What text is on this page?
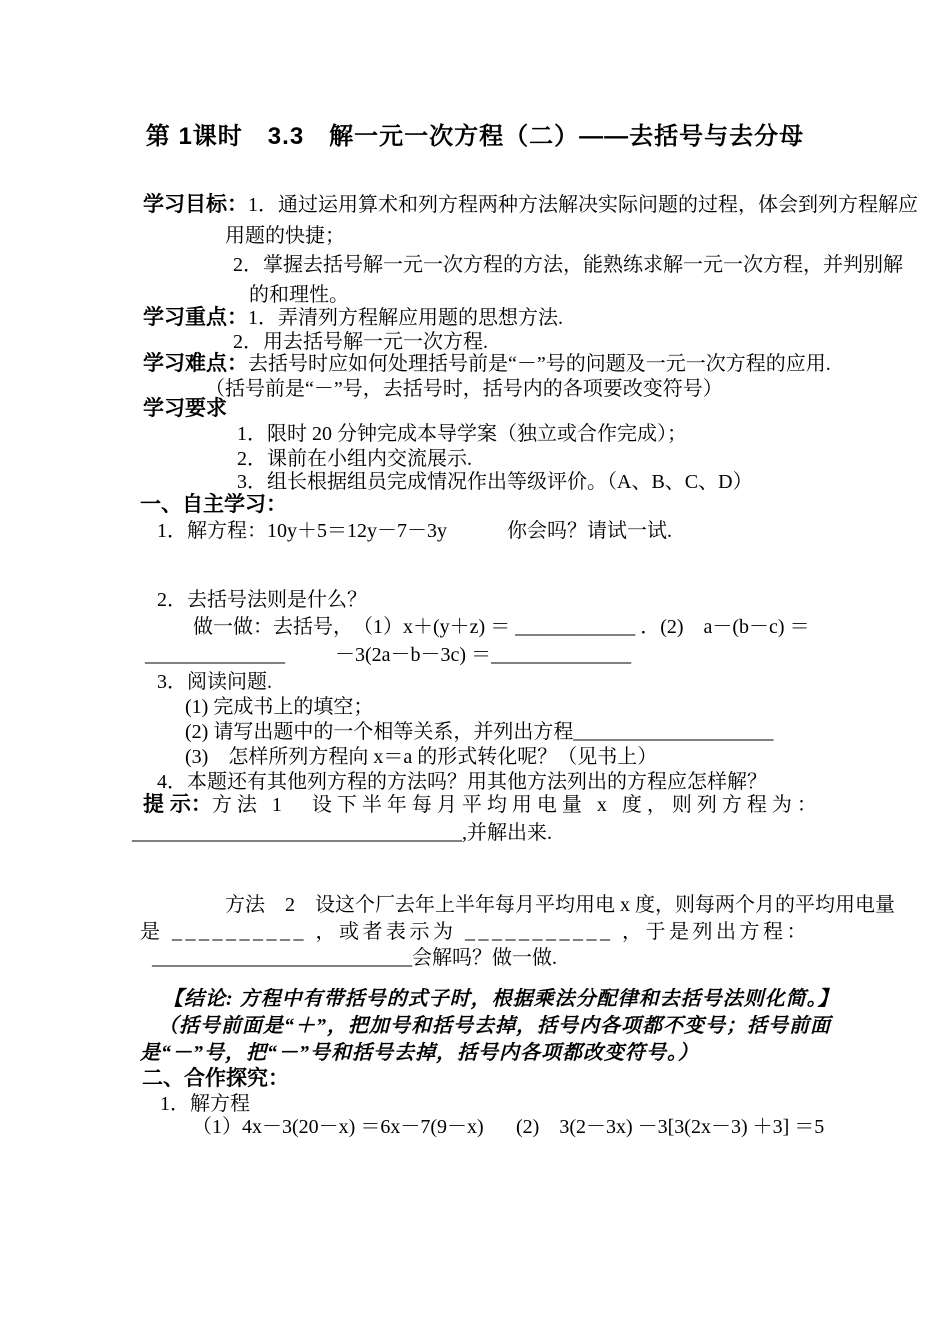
第 1课时　3.3　解一元一次方程（二）——去括号与去分母
学习目标：1．通过运用算术和列方程两种方法解决实际问题的过程，体会到列方程解应
用题的快捷；
2．掌握去括号解一元一次方程的方法，能熟练求解一元一次方程，并判别解
的和理性。
学习重点：1．弄清列方程解应用题的思想方法.
2．用去括号解一元一次方程.
学习难点：去括号时应如何处理括号前是“－”号的问题及一元一次方程的应用.
（括号前是“－”号，去括号时，括号内的各项要改变符号）
学习要求
1．限时 20 分钟完成本导学案（独立或合作完成）；
2．课前在小组内交流展示.
3．组长根据组员完成情况作出等级评价。（A、B、C、D）
一、自主学习：
1．解方程：10y＋5＝12y－7－3y　　　你会吗？请试一试.
2．去括号法则是什么？
做一做：去括号，　（1）x＋(y＋z) ＝ ____________ ．(2)　a－(b－c) ＝
______________	－3(2a－b－3c) ＝______________
3．阅读问题.
(1) 完成书上的填空；
(2) 请写出题中的一个相等关系，并列出方程____________________
(3)　怎样所列方程向 x＝a 的形式转化呢？（见书上）
4．本题还有其他列方程的方法吗？用其他方法列出的方程应怎样解？
提 示：方法 1　设下半年每月平均用电量 x 度，则列方程为：
_________________________________,并解出来.
方法　2　设这个厂去年上半年每月平均用电 x 度，则每两个月的平均用电量
是 __________ ，或者表示为 ___________ ，于是列出方程：
__________________________会解吗？做一做.
【结论: 方程中有带括号的式子时，根据乘法分配律和去括号法则化简。】
（括号前面是“＋”，把加号和括号去掉，括号内各项都不变号；括号前面
是“－”号，把“－”号和括号去掉，括号内各项都改变符号。）
二、合作探究：
1．解方程
（1）4x－3(20－x) ＝6x－7(9－x) (2)　3(2－3x) －3[3(2x－3) ＋3] ＝5
